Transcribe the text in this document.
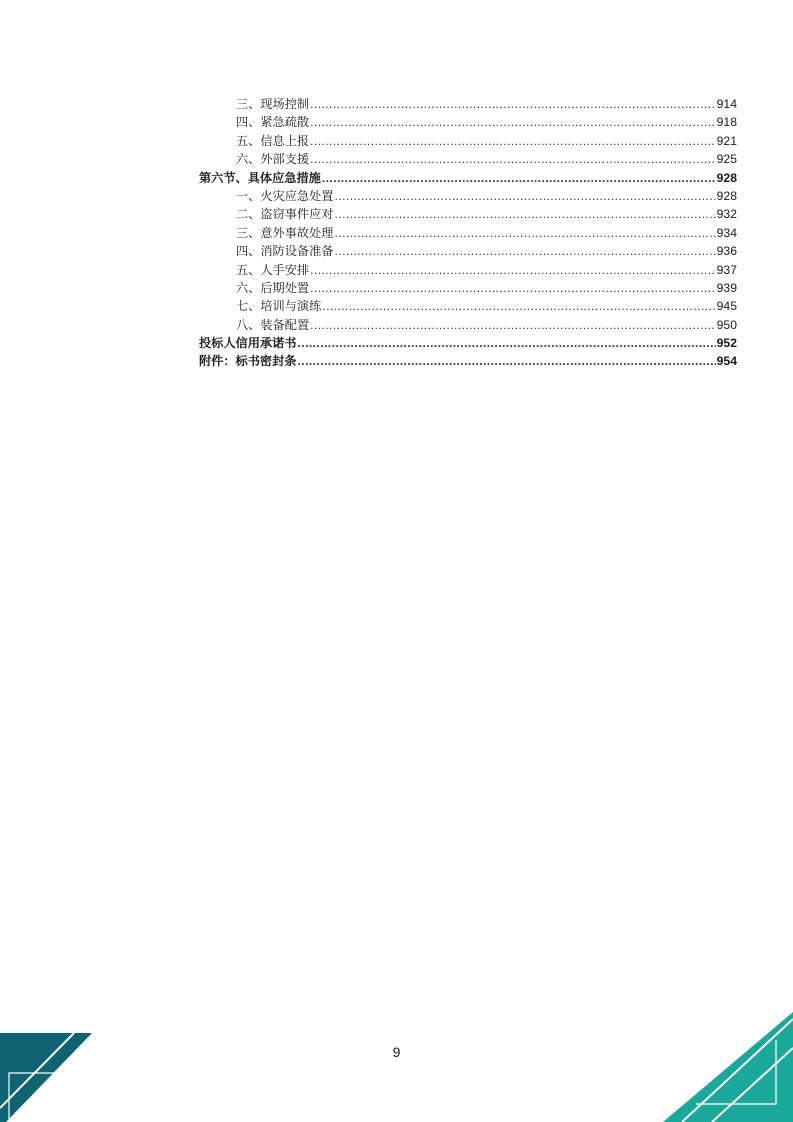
三、现场控制 .....	914
四、紧急疏散 .....	918
五、信息上报 .....	921
六、外部支援 .....	925
第六节、具体应急措施 .....	928
一、火灾应急处置 .....	928
二、盗窃事件应对 .....	932
三、意外事故处理 .....	934
四、消防设备准备 .....	936
五、人手安排 .....	937
六、后期处置 .....	939
七、培训与演练 .....	945
八、装备配置 .....	950
投标人信用承诺书 .....	952
附件：标书密封条 .....	954
9
